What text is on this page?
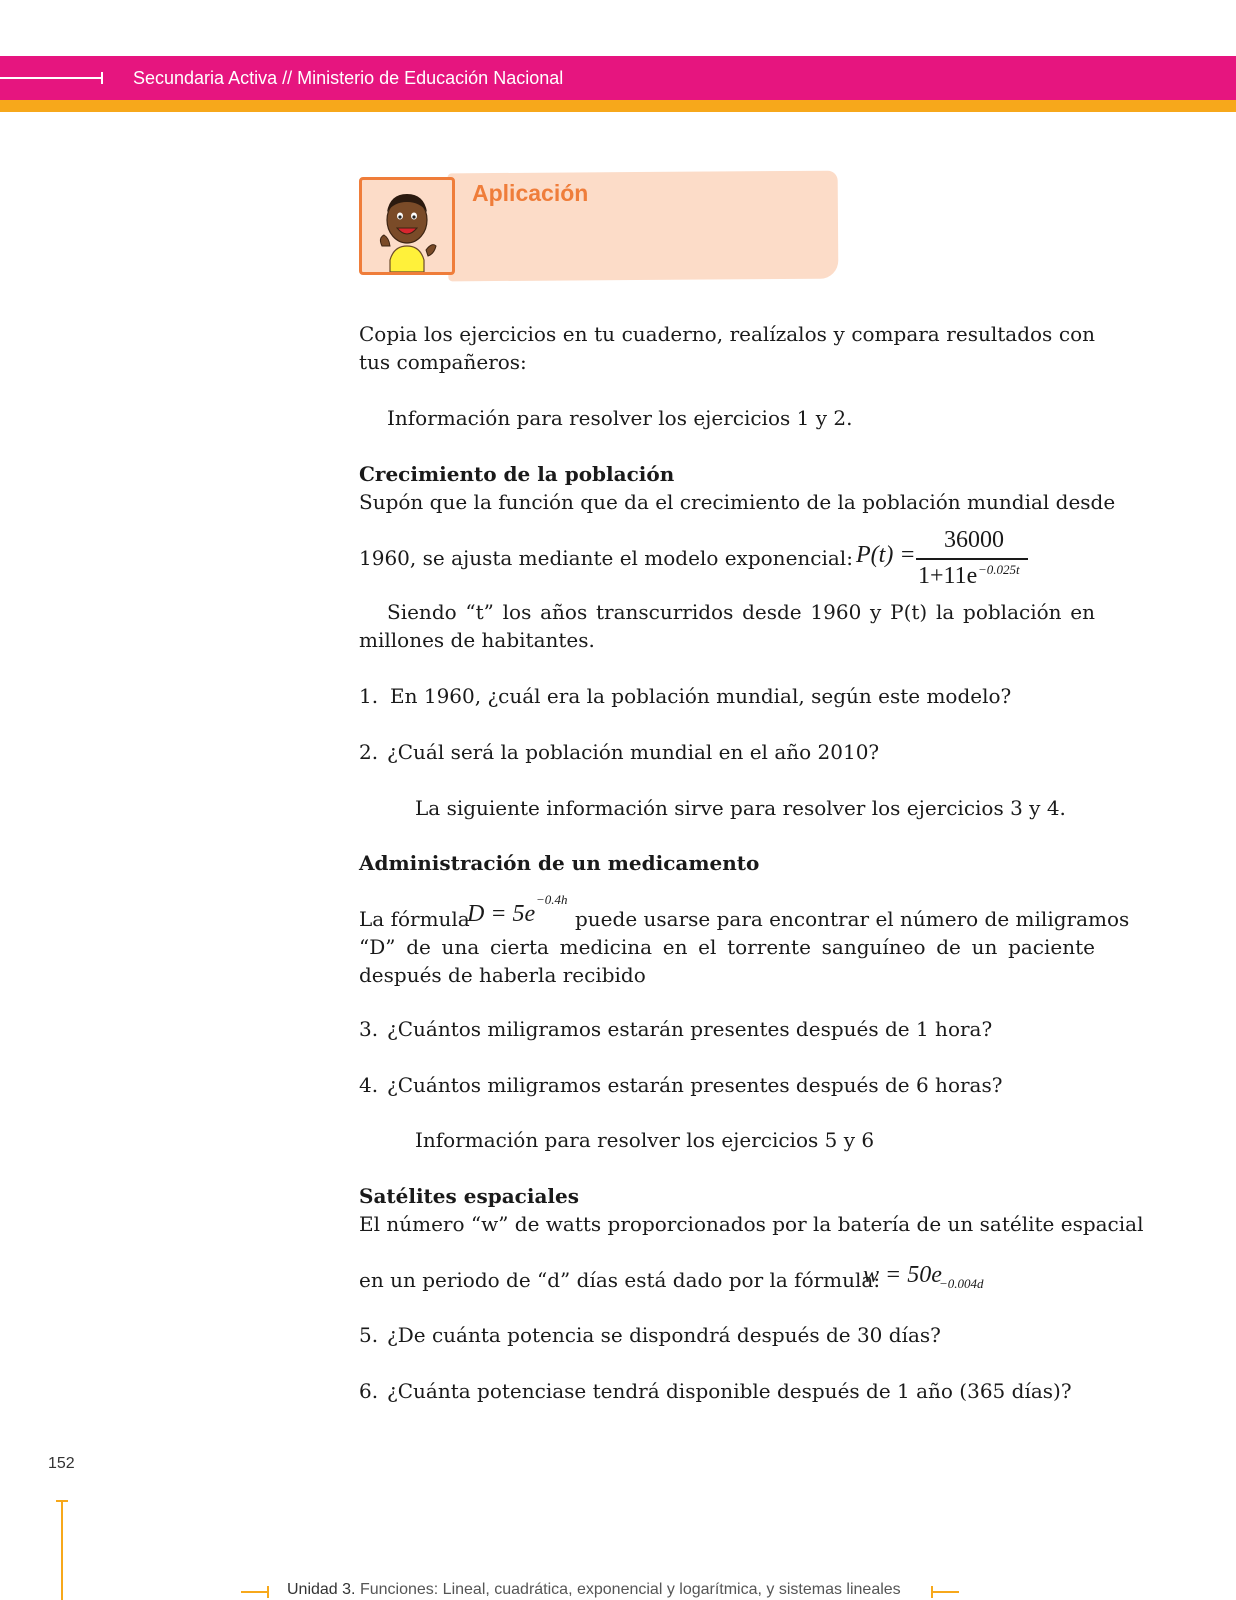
Secundaria Activa // Ministerio de Educación Nacional
Aplicación
Copia los ejercicios en tu cuaderno, realízalos y compara resultados con tus compañeros:
Información para resolver los ejercicios 1 y 2.
Crecimiento de la población
Supón que la función que da el crecimiento de la población mundial desde
1960, se ajusta mediante el modelo exponencial: P(t) =
36000
1+11e −0.025t
Siendo “t” los años transcurridos desde 1960 y P(t) la población en millones de habitantes.
1. En 1960, ¿cuál era la población mundial, según este modelo?
2. ¿Cuál será la población mundial en el año 2010?
La siguiente información sirve para resolver los ejercicios 3 y 4.
Administración de un medicamento
La fórmula
D = 5e
−0.4h
puede usarse para encontrar el número de miligramos
“D” de una cierta medicina en el torrente sanguíneo de un paciente después de haberla recibido
3. ¿Cuántos miligramos estarán presentes después de 1 hora?
4. ¿Cuántos miligramos estarán presentes después de 6 horas?
Información para resolver los ejercicios 5 y 6
Satélites espaciales
El número “w” de watts proporcionados por la batería de un satélite espacial
en un periodo de “d” días está dado por la fórmula:
w = 50e
−0.004d
5. ¿De cuánta potencia se dispondrá después de 30 días?
6. ¿Cuánta potenciase tendrá disponible después de 1 año (365 días)?
152
Unidad 3. Funciones: Lineal, cuadrática, exponencial y logarítmica, y sistemas lineales
